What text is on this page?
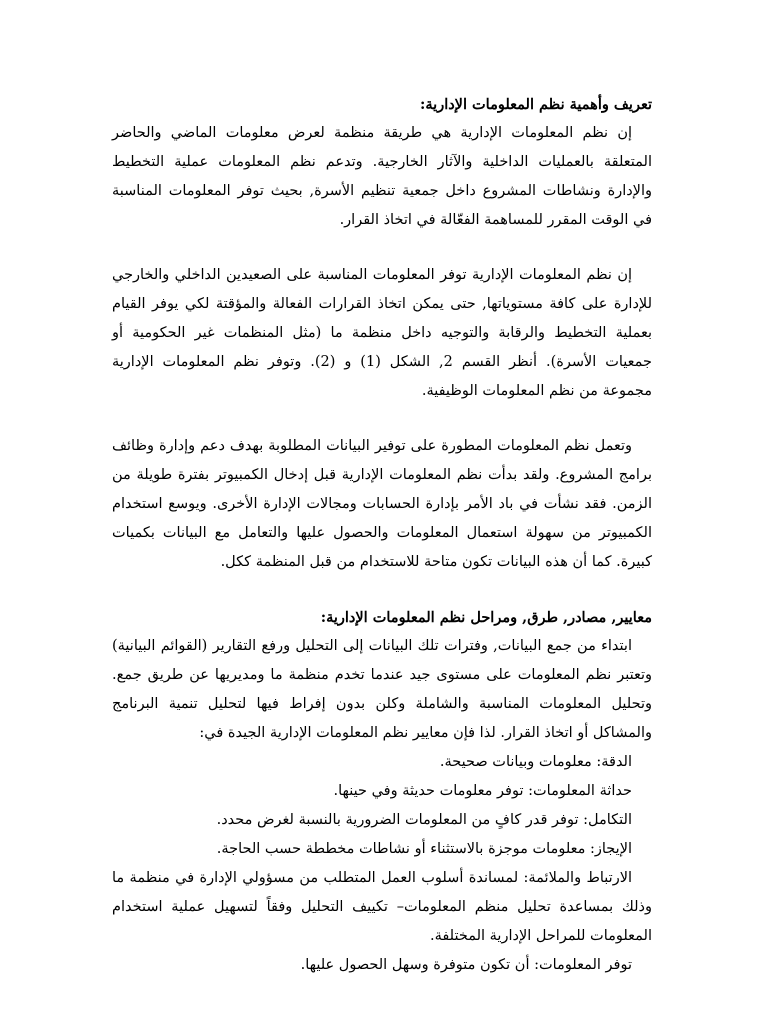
تعريف وأهمية نظم المعلومات الإدارية:

إن نظم المعلومات الإدارية هي طريقة منظمة لعرض معلومات الماضي والحاضر المتعلقة بالعمليات الداخلية والآثار الخارجية. وتدعم نظم المعلومات عملية التخطيط والإدارة ونشاطات المشروع داخل جمعية تنظيم الأسرة, بحيث توفر المعلومات المناسبة في الوقت المقرر للمساهمة الفعّالة في اتخاذ القرار.

إن نظم المعلومات الإدارية توفر المعلومات المناسبة على الصعيدين الداخلي والخارجي للإدارة على كافة مستوياتها, حتى يمكن اتخاذ القرارات الفعالة والمؤقتة لكي يوفر القيام بعملية التخطيط والرقابة والتوجيه داخل منظمة ما (مثل المنظمات غير الحكومية أو جمعيات الأسرة). أنظر القسم 2, الشكل (1) و (2). وتوفر نظم المعلومات الإدارية مجموعة من نظم المعلومات الوظيفية.

وتعمل نظم المعلومات المطورة على توفير البيانات المطلوبة بهدف دعم وإدارة وظائف برامج المشروع. ولقد بدأت نظم المعلومات الإدارية قبل إدخال الكمبيوتر بفترة طويلة من الزمن. فقد نشأت في باد الأمر بإدارة الحسابات ومجالات الإدارة الأخرى. ويوسع استخدام الكمبيوتر من سهولة استعمال المعلومات والحصول عليها والتعامل مع البيانات بكميات كبيرة. كما أن هذه البيانات تكون متاحة للاستخدام من قبل المنظمة ككل.

معايير, مصادر, طرق, ومراحل نظم المعلومات الإدارية:

ابتداء من جمع البيانات, وفترات تلك البيانات إلى التحليل ورفع التقارير (القوائم البيانية) وتعتبر نظم المعلومات على مستوى جيد عندما تخدم منظمة ما ومديريها عن طريق جمع. وتحليل المعلومات المناسبة والشاملة وكلن بدون إفراط فيها لتحليل تنمية البرنامج والمشاكل أو اتخاذ القرار. لذا فإن معايير نظم المعلومات الإدارية الجيدة في:

الدقة: معلومات وبيانات صحيحة.

حداثة المعلومات: توفر معلومات حديثة وفي حينها.

التكامل: توفر قدر كافٍ من المعلومات الضرورية بالنسبة لغرض محدد.

الإيجاز: معلومات موجزة بالاستثناء أو نشاطات مخططة حسب الحاجة.

الارتباط والملائمة: لمساندة أسلوب العمل المتطلب من مسؤولي الإدارة في منظمة ما وذلك بمساعدة تحليل منظم المعلومات– تكييف التحليل وفقاً لتسهيل عملية استخدام المعلومات للمراحل الإدارية المختلفة.

توفر المعلومات: أن تكون متوفرة وسهل الحصول عليها.
